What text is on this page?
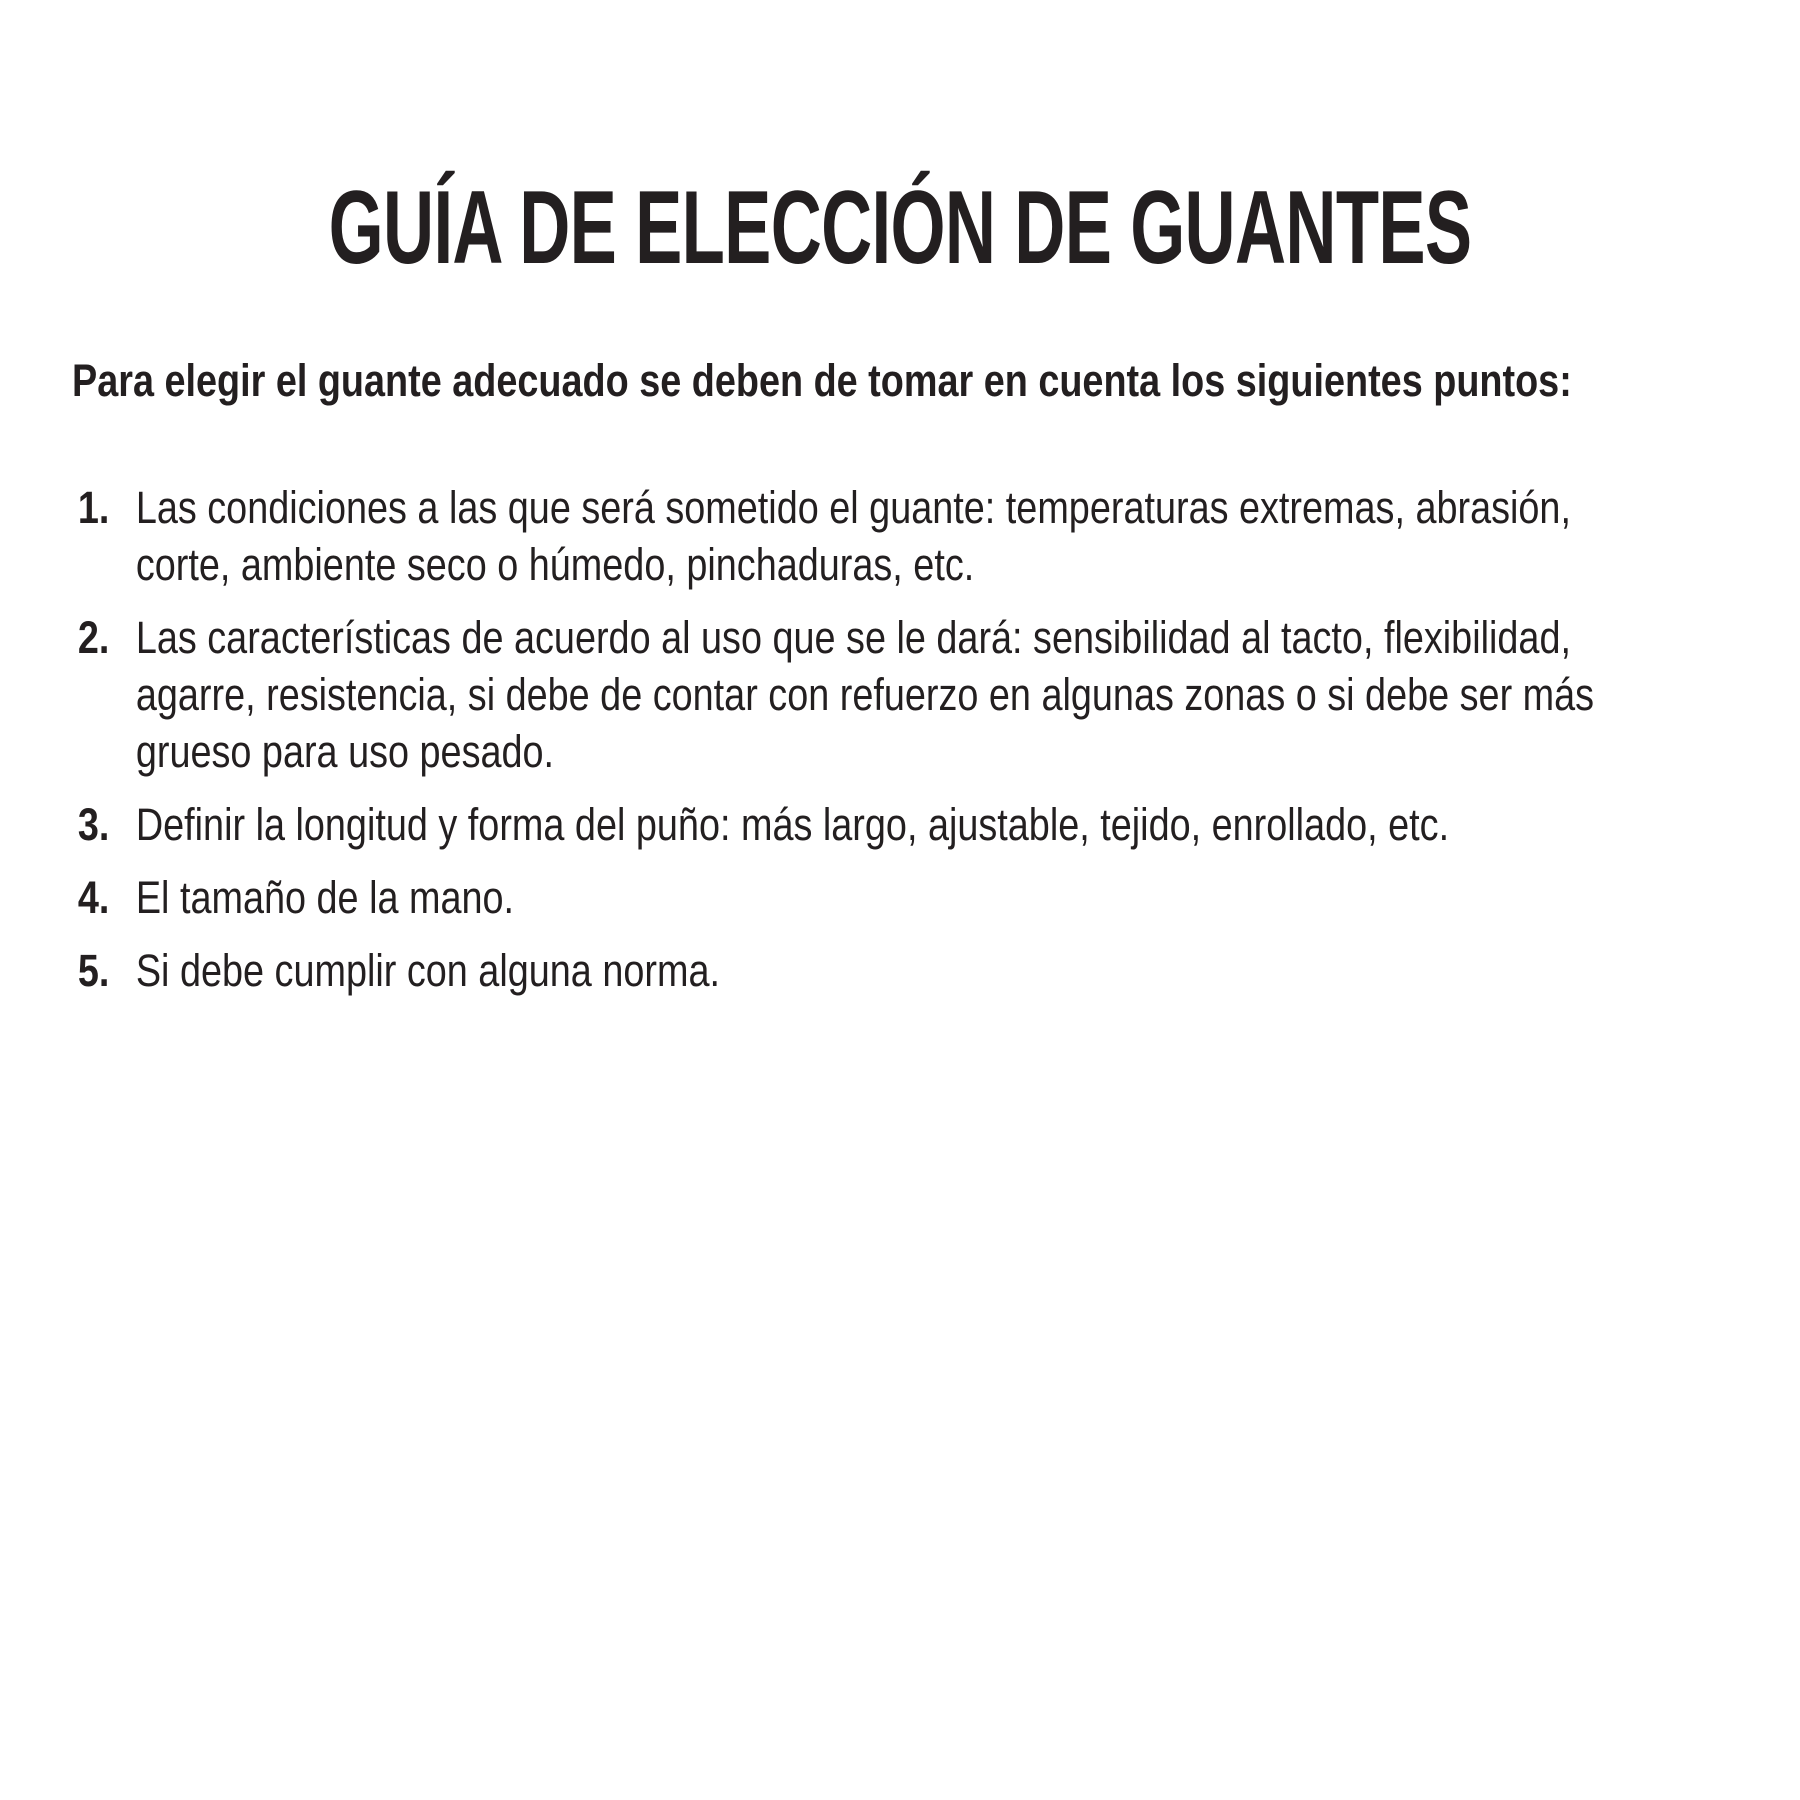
GUÍA DE ELECCIÓN DE GUANTES

Para elegir el guante adecuado se deben de tomar en cuenta los siguientes puntos:

1. Las condiciones a las que será sometido el guante: temperaturas extremas, abrasión,
corte, ambiente seco o húmedo, pinchaduras, etc.
2. Las características de acuerdo al uso que se le dará: sensibilidad al tacto, flexibilidad,
agarre, resistencia, si debe de contar con refuerzo en algunas zonas o si debe ser más
grueso para uso pesado.
3. Definir la longitud y forma del puño: más largo, ajustable, tejido, enrollado, etc.
4. El tamaño de la mano.
5. Si debe cumplir con alguna norma.
